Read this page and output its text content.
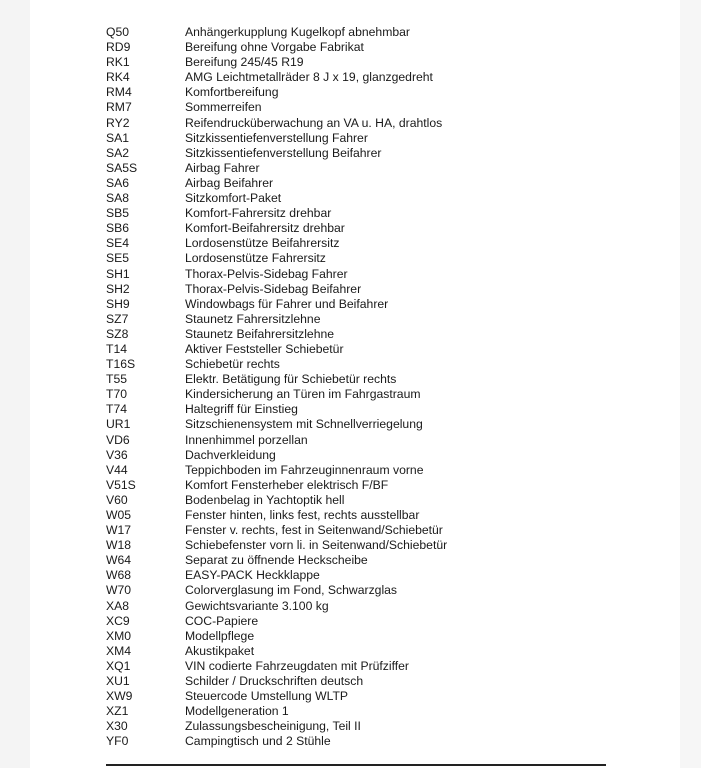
Q50	Anhängerkupplung Kugelkopf abnehmbar
RD9	Bereifung ohne Vorgabe Fabrikat
RK1	Bereifung 245/45 R19
RK4	AMG Leichtmetallräder 8 J x 19, glanzgedreht
RM4	Komfortbereifung
RM7	Sommerreifen
RY2	Reifendrucküberwachung an VA u. HA, drahtlos
SA1	Sitzkissentiefenverstellung Fahrer
SA2	Sitzkissentiefenverstellung Beifahrer
SA5S	Airbag Fahrer
SA6	Airbag Beifahrer
SA8	Sitzkomfort-Paket
SB5	Komfort-Fahrersitz drehbar
SB6	Komfort-Beifahrersitz drehbar
SE4	Lordosenstütze Beifahrersitz
SE5	Lordosenstütze Fahrersitz
SH1	Thorax-Pelvis-Sidebag Fahrer
SH2	Thorax-Pelvis-Sidebag Beifahrer
SH9	Windowbags für Fahrer und Beifahrer
SZ7	Staunetz Fahrersitzlehne
SZ8	Staunetz Beifahrersitzlehne
T14	Aktiver Feststeller Schiebetür
T16S	Schiebetür rechts
T55	Elektr. Betätigung für Schiebetür rechts
T70	Kindersicherung an Türen im Fahrgastraum
T74	Haltegriff für Einstieg
UR1	Sitzschienensystem mit Schnellverriegelung
VD6	Innenhimmel porzellan
V36	Dachverkleidung
V44	Teppichboden im Fahrzeuginnenraum vorne
V51S	Komfort Fensterheber elektrisch F/BF
V60	Bodenbelag in Yachtoptik hell
W05	Fenster hinten, links fest, rechts ausstellbar
W17	Fenster v. rechts, fest in Seitenwand/Schiebetür
W18	Schiebefenster vorn li. in Seitenwand/Schiebetür
W64	Separat zu öffnende Heckscheibe
W68	EASY-PACK Heckklappe
W70	Colorverglasung im Fond, Schwarzglas
XA8	Gewichtsvariante 3.100 kg
XC9	COC-Papiere
XM0	Modellpflege
XM4	Akustikpaket
XQ1	VIN codierte Fahrzeugdaten mit Prüfziffer
XU1	Schilder / Druckschriften deutsch
XW9	Steuercode Umstellung WLTP
XZ1	Modellgeneration 1
X30	Zulassungsbescheinigung, Teil II
YF0	Campingtisch und 2 Stühle
